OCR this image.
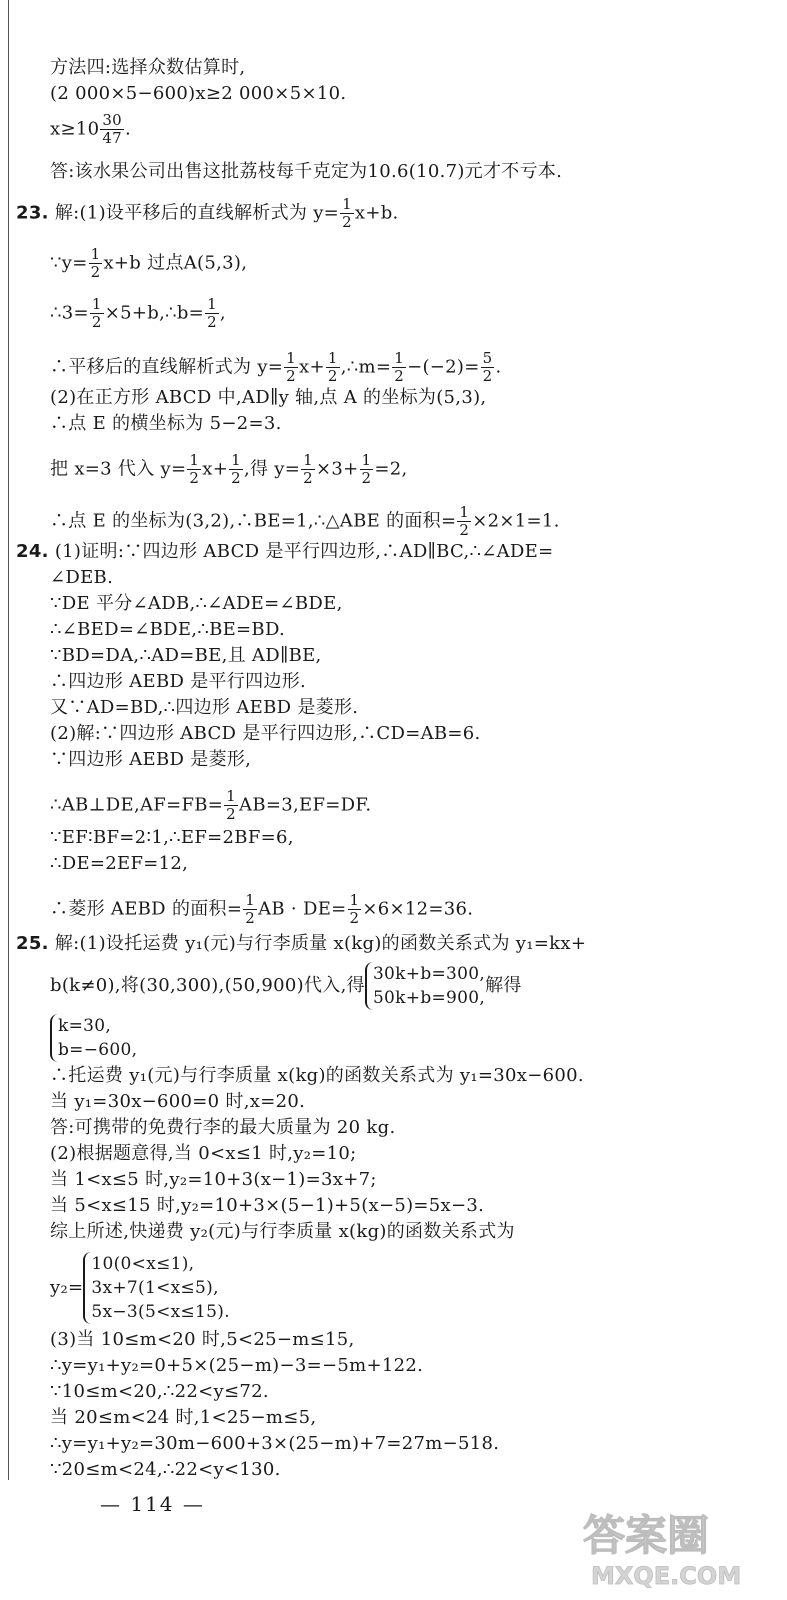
方法四:选择众数估算时,
(2 000×5−600)x≥2 000×5×10.
$x\ge 10 \frac{30}{47}$ .
答:该水果公司出售这批荔枝每千克定为10.6(10.7)元才不亏本.
23. 解:(1)设平移后的直线解析式为 $y= \frac{1}{2} x+b$.
∵y= $\frac{1}{2} x+b$ 过点A(5,3),
∴3= $\frac{1}{2}$ ×5+b,∴b= $\frac{1}{2}$ ,
∴平移后的直线解析式为 $y= \frac{1}{2} x+ \frac{1}{2}$ ,∴m= $\frac{1}{2} -(-2)= \frac{5}{2}$ .
(2)在正方形 ABCD 中,AD∥y 轴,点 A 的坐标为(5,3),
∴点 E 的横坐标为 5−2=3.
把 x=3 代入 $y= \frac{1}{2} x+ \frac{1}{2}$ ,得 $y= \frac{1}{2} \times 3+ \frac{1}{2} =2$,
∴点 E 的坐标为(3,2),∴BE=1,∴△ABE 的面积= $\frac{1}{2} \times 2\times 1=1$.
24. (1)证明:∵四边形 ABCD 是平行四边形,∴AD∥BC,∴∠ADE=
∠DEB.
∵DE 平分∠ADB,∴∠ADE=∠BDE,
∴∠BED=∠BDE,∴BE=BD.
∵BD=DA,∴AD=BE,且 AD∥BE,
∴四边形 AEBD 是平行四边形.
又∵AD=BD,∴四边形 AEBD 是菱形.
(2)解:∵四边形 ABCD 是平行四边形,∴CD=AB=6.
∵四边形 AEBD 是菱形,
∴AB⊥DE,AF=FB= $\frac{1}{2} AB=3,EF=DF$.
∵EF∶BF=2∶1,∴EF=2BF=6,
∴DE=2EF=12,
∴菱形 AEBD 的面积= $\frac{1}{2}$ AB · $DE= \frac{1}{2} \times 6\times 12=36$.
25. 解:(1)设托运费 y₁(元)与行李质量 x(kg)的函数关系式为 y₁=kx+
b(k≠0),将(30,300),(50,900)代入,得
30k+b=300,
50k+b=900,
解得
k=30,
b=−600,
∴托运费 y₁(元)与行李质量 x(kg)的函数关系式为 y₁=30x−600.
当 y₁=30x−600=0 时,x=20.
答:可携带的免费行李的最大质量为 20 kg.
(2)根据题意得,当 0<x≤1 时,y₂=10;
当 1<x≤5 时,y₂=10+3(x−1)=3x+7;
当 5<x≤15 时,y₂=10+3×(5−1)+5(x−5)=5x−3.
综上所述,快递费 y₂(元)与行李质量 x(kg)的函数关系式为
y₂=
10(0<x≤1),
3x+7(1<x≤5),
5x−3(5<x≤15).
(3)当 10≤m<20 时,5<25−m≤15,
∴y=y₁+y₂=0+5×(25−m)−3=−5m+122.
∵10≤m<20,∴22<y≤72.
当 20≤m<24 时,1<25−m≤5,
∴y=y₁+y₂=30m−600+3×(25−m)+7=27m−518.
∵20≤m<24,∴22<y<130.
— 114 —
答案圈
MXQE.COM
